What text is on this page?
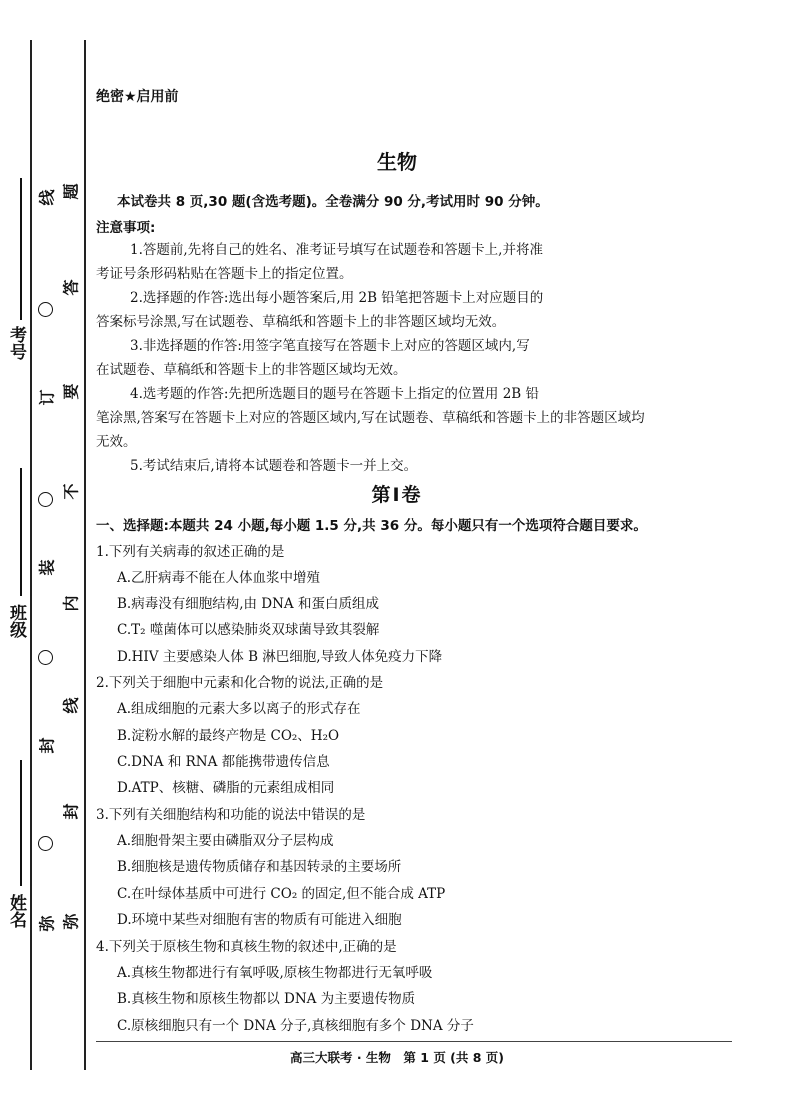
考号
班级
姓名
线
订
装
封
弥
题
答
要
不
内
线
封
弥
绝密★启用前
生物
本试卷共 8 页,30 题(含选考题)。全卷满分 90 分,考试用时 90 分钟。
注意事项:
1.答题前,先将自己的姓名、准考证号填写在试题卷和答题卡上,并将准
考证号条形码粘贴在答题卡上的指定位置。
2.选择题的作答:选出每小题答案后,用 2B 铅笔把答题卡上对应题目的
答案标号涂黑,写在试题卷、草稿纸和答题卡上的非答题区域均无效。
3.非选择题的作答:用签字笔直接写在答题卡上对应的答题区域内,写
在试题卷、草稿纸和答题卡上的非答题区域均无效。
4.选考题的作答:先把所选题目的题号在答题卡上指定的位置用 2B 铅
笔涂黑,答案写在答题卡上对应的答题区域内,写在试题卷、草稿纸和答题卡上的非答题区域均
无效。
5.考试结束后,请将本试题卷和答题卡一并上交。
第Ⅰ卷
一、选择题:本题共 24 小题,每小题 1.5 分,共 36 分。每小题只有一个选项符合题目要求。
1.下列有关病毒的叙述正确的是
A.乙肝病毒不能在人体血浆中增殖
B.病毒没有细胞结构,由 DNA 和蛋白质组成
C.T₂ 噬菌体可以感染肺炎双球菌导致其裂解
D.HIV 主要感染人体 B 淋巴细胞,导致人体免疫力下降
2.下列关于细胞中元素和化合物的说法,正确的是
A.组成细胞的元素大多以离子的形式存在
B.淀粉水解的最终产物是 CO₂、H₂O
C.DNA 和 RNA 都能携带遗传信息
D.ATP、核糖、磷脂的元素组成相同
3.下列有关细胞结构和功能的说法中错误的是
A.细胞骨架主要由磷脂双分子层构成
B.细胞核是遗传物质储存和基因转录的主要场所
C.在叶绿体基质中可进行 CO₂ 的固定,但不能合成 ATP
D.环境中某些对细胞有害的物质有可能进入细胞
4.下列关于原核生物和真核生物的叙述中,正确的是
A.真核生物都进行有氧呼吸,原核生物都进行无氧呼吸
B.真核生物和原核生物都以 DNA 为主要遗传物质
C.原核细胞只有一个 DNA 分子,真核细胞有多个 DNA 分子
高三大联考 · 生物　第 1 页 (共 8 页)
